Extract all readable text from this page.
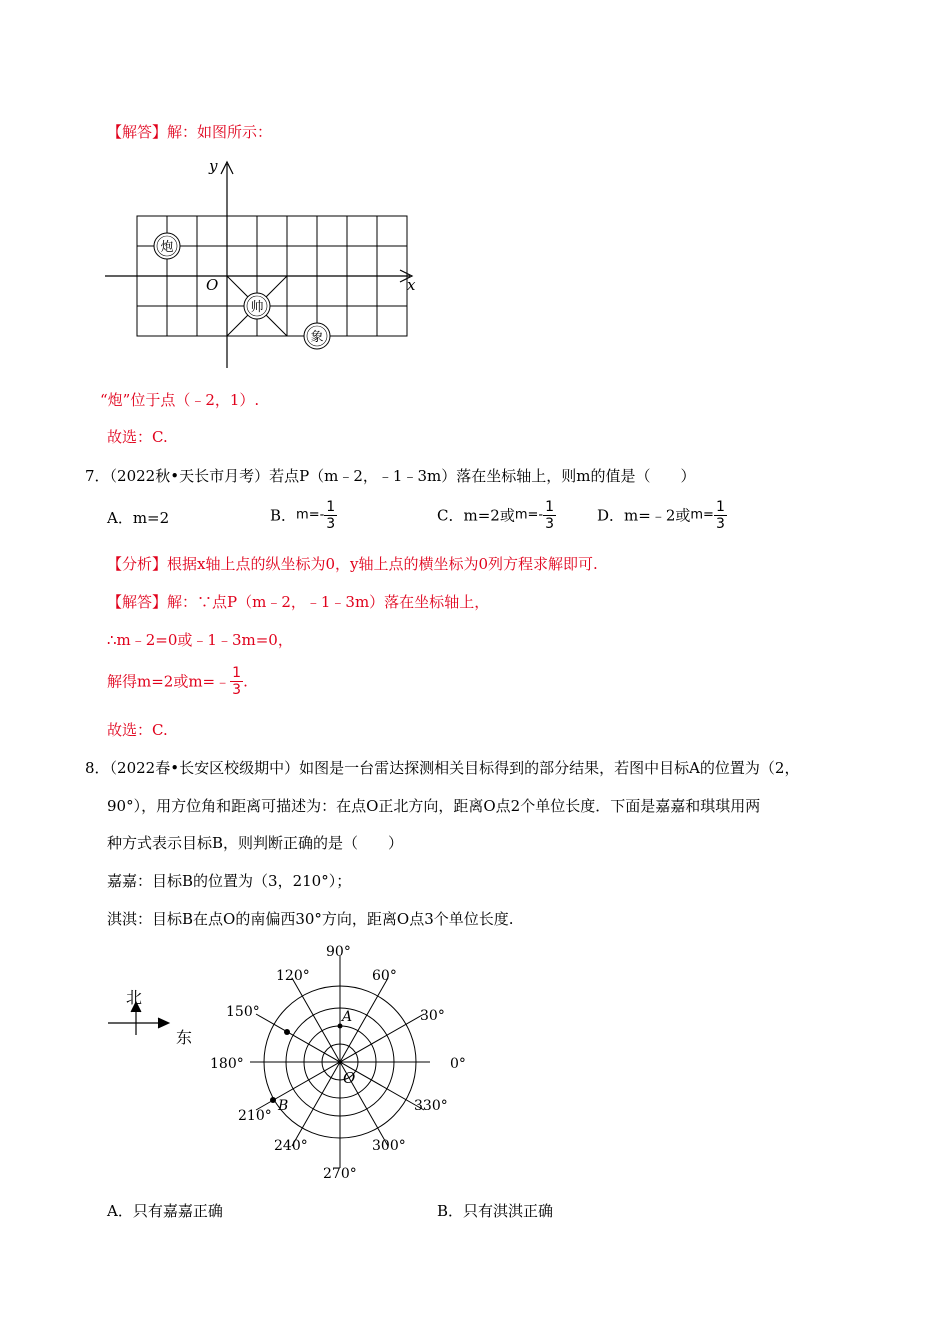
【解答】解：如图所示：
y
x
O
炮
帅
象
“炮”位于点（﹣2，1）.
故选：C.
7．（2022秋•天长市月考）若点P（m﹣2，﹣1﹣3m）落在坐标轴上，则m的值是（　　）
A．m=2	B．$m=- \frac{1}{3}$	C．m=2或$m=- \frac{1}{3}$	D．m=﹣2或$m= \frac{1}{3}$
【分析】根据x轴上点的纵坐标为0，y轴上点的横坐标为0列方程求解即可.
【解答】解：∵点P（m﹣2，﹣1﹣3m）落在坐标轴上，
∴m﹣2=0或﹣1﹣3m=0，
解得m=2或m=﹣ $\frac{1}{3}$ .
故选：C.
8．（2022春•长安区校级期中）如图是一台雷达探测相关目标得到的部分结果，若图中目标A的位置为（2，
90°），用方位角和距离可描述为：在点O正北方向，距离O点2个单位长度．下面是嘉嘉和琪琪用两
种方式表示目标B，则判断正确的是（　　）
嘉嘉：目标B的位置为（3，210°）；
淇淇：目标B在点O的南偏西30°方向，距离O点3个单位长度.
北
东
A
B
O
0°
30°
60°
90°
120°
150°
180°
210°
240°
270°
300°
330°
A．只有嘉嘉正确	B．只有淇淇正确
